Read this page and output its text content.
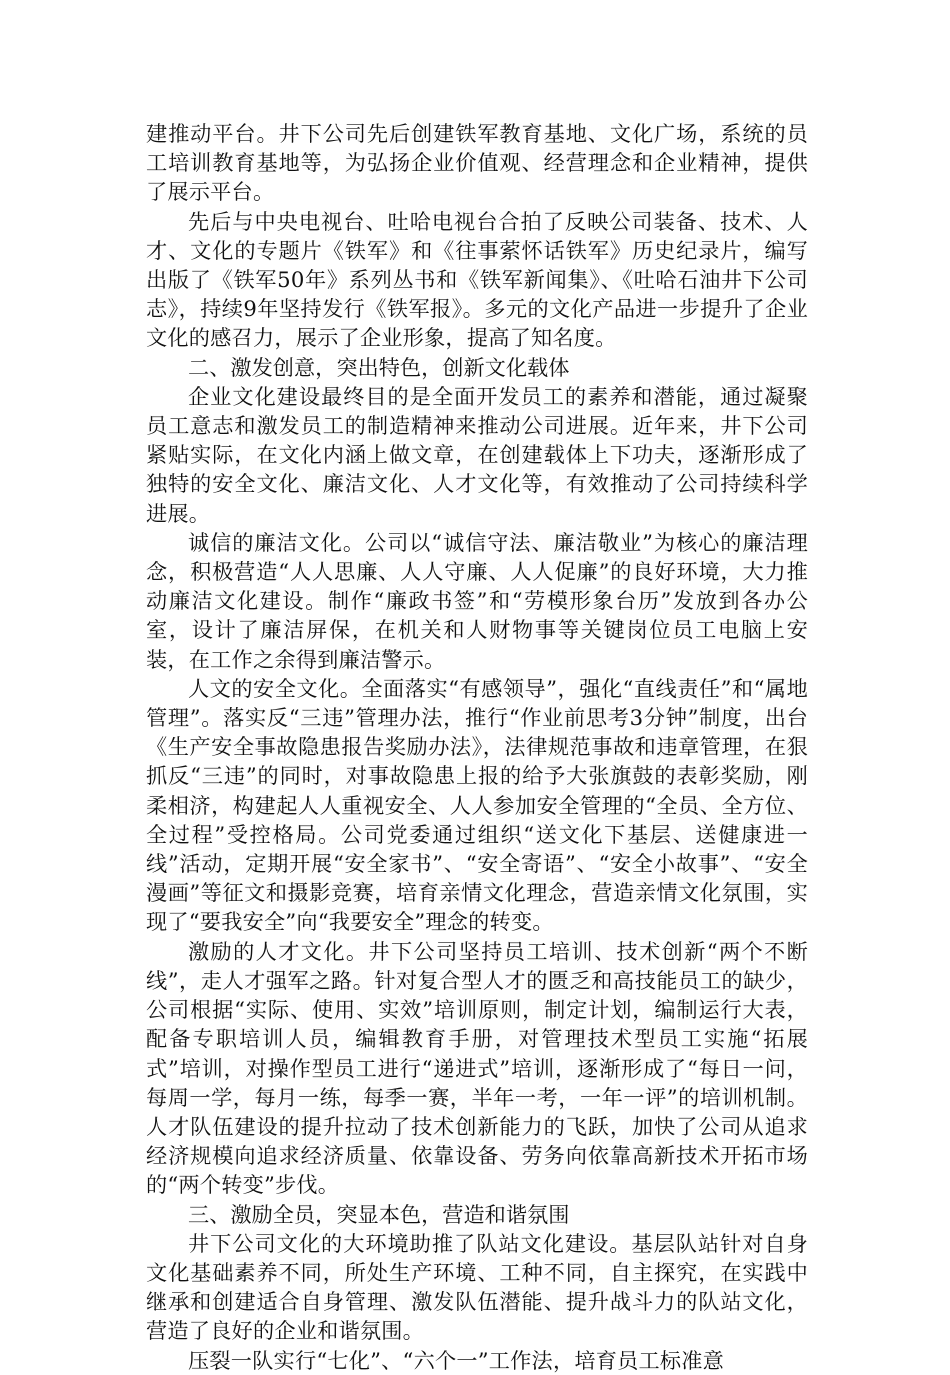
建推动平台。井下公司先后创建铁军教育基地、文化广场，系统的员工培训教育基地等，为弘扬企业价值观、经营理念和企业精神，提供了展示平台。

先后与中央电视台、吐哈电视台合拍了反映公司装备、技术、人才、文化的专题片《铁军》和《往事萦怀话铁军》历史纪录片，编写出版了《铁军50年》系列丛书和《铁军新闻集》、《吐哈石油井下公司志》，持续9年坚持发行《铁军报》。多元的文化产品进一步提升了企业文化的感召力，展示了企业形象，提高了知名度。

二、激发创意，突出特色，创新文化载体

企业文化建设最终目的是全面开发员工的素养和潜能，通过凝聚员工意志和激发员工的制造精神来推动公司进展。近年来，井下公司紧贴实际，在文化内涵上做文章，在创建载体上下功夫，逐渐形成了独特的安全文化、廉洁文化、人才文化等，有效推动了公司持续科学进展。

诚信的廉洁文化。公司以“诚信守法、廉洁敬业”为核心的廉洁理念，积极营造“人人思廉、人人守廉、人人促廉”的良好环境，大力推动廉洁文化建设。制作“廉政书签”和“劳模形象台历”发放到各办公室，设计了廉洁屏保，在机关和人财物事等关键岗位员工电脑上安装，在工作之余得到廉洁警示。

人文的安全文化。全面落实“有感领导”，强化“直线责任”和“属地管理”。落实反“三违”管理办法，推行“作业前思考3分钟”制度，出台《生产安全事故隐患报告奖励办法》，法律规范事故和违章管理，在狠抓反“三违”的同时，对事故隐患上报的给予大张旗鼓的表彰奖励，刚柔相济，构建起人人重视安全、人人参加安全管理的“全员、全方位、全过程”受控格局。公司党委通过组织“送文化下基层、送健康进一线”活动，定期开展“安全家书”、“安全寄语”、“安全小故事”、“安全漫画”等征文和摄影竞赛，培育亲情文化理念，营造亲情文化氛围，实现了“要我安全”向“我要安全”理念的转变。

激励的人才文化。井下公司坚持员工培训、技术创新“两个不断线”，走人才强军之路。针对复合型人才的匮乏和高技能员工的缺少，公司根据“实际、使用、实效”培训原则，制定计划，编制运行大表，配备专职培训人员，编辑教育手册，对管理技术型员工实施“拓展式”培训，对操作型员工进行“递进式”培训，逐渐形成了“每日一问，每周一学，每月一练，每季一赛，半年一考，一年一评”的培训机制。人才队伍建设的提升拉动了技术创新能力的飞跃，加快了公司从追求经济规模向追求经济质量、依靠设备、劳务向依靠高新技术开拓市场的“两个转变”步伐。

三、激励全员，突显本色，营造和谐氛围

井下公司文化的大环境助推了队站文化建设。基层队站针对自身文化基础素养不同，所处生产环境、工种不同，自主探究，在实践中继承和创建适合自身管理、激发队伍潜能、提升战斗力的队站文化，营造了良好的企业和谐氛围。

压裂一队实行“七化”、“六个一”工作法，培育员工标准意
